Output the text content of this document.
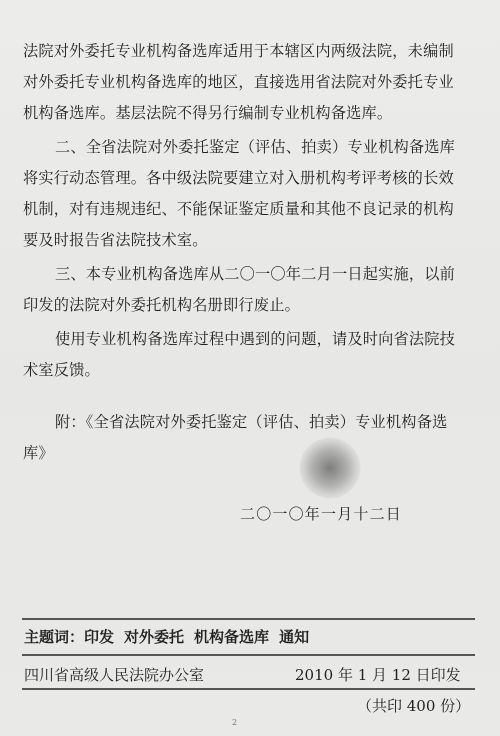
法院对外委托专业机构备选库适用于本辖区内两级法院，未编制
对外委托专业机构备选库的地区，直接选用省法院对外委托专业
机构备选库。基层法院不得另行编制专业机构备选库。
二、全省法院对外委托鉴定（评估、拍卖）专业机构备选库
将实行动态管理。各中级法院要建立对入册机构考评考核的长效
机制，对有违规违纪、不能保证鉴定质量和其他不良记录的机构
要及时报告省法院技术室。
三、本专业机构备选库从二〇一〇年二月一日起实施，以前
印发的法院对外委托机构名册即行废止。
使用专业机构备选库过程中遇到的问题，请及时向省法院技
术室反馈。
附：《全省法院对外委托鉴定（评估、拍卖）专业机构备选
库》
二〇一〇年一月十二日
主题词：印发 对外委托 机构备选库 通知
四川省高级人民法院办公室	2010 年 1 月 12 日印发
（共印 400 份）
2
